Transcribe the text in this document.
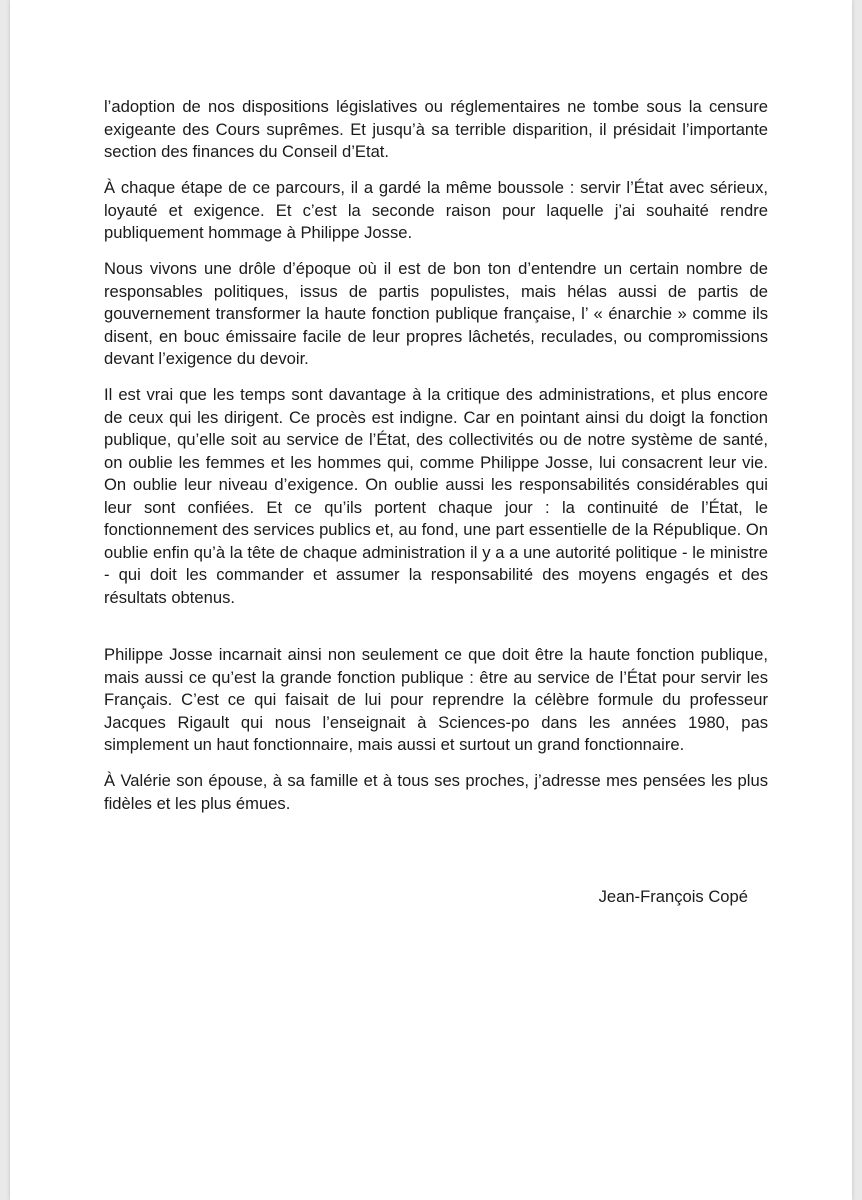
l’adoption de nos dispositions législatives ou réglementaires ne tombe sous la censure exigeante des Cours suprêmes. Et jusqu’à sa terrible disparition, il présidait l’importante section des finances du Conseil d’Etat.

À chaque étape de ce parcours, il a gardé la même boussole : servir l’État avec sérieux, loyauté et exigence. Et c’est la seconde raison pour laquelle j’ai souhaité rendre publiquement hommage à Philippe Josse.

Nous vivons une drôle d’époque où il est de bon ton d’entendre un certain nombre de responsables politiques, issus de partis populistes, mais hélas aussi de partis de gouvernement transformer la haute fonction publique française, l’ « énarchie » comme ils disent, en bouc émissaire facile de leur propres lâchetés, reculades, ou compromissions devant l’exigence du devoir.

Il est vrai que les temps sont davantage à la critique des administrations, et plus encore de ceux qui les dirigent. Ce procès est indigne. Car en pointant ainsi du doigt la fonction publique, qu’elle soit au service de l’État, des collectivités ou de notre système de santé, on oublie les femmes et les hommes qui, comme Philippe Josse, lui consacrent leur vie. On oublie leur niveau d’exigence. On oublie aussi les responsabilités considérables qui leur sont confiées. Et ce qu’ils portent chaque jour : la continuité de l’État, le fonctionnement des services publics et, au fond, une part essentielle de la République. On oublie enfin qu’à la tête de chaque administration il y a a une autorité politique - le ministre - qui doit les commander et assumer la responsabilité des moyens engagés et des résultats obtenus.

Philippe Josse incarnait ainsi non seulement ce que doit être la haute fonction publique, mais aussi ce qu’est la grande fonction publique : être au service de l’État pour servir les Français. C’est ce qui faisait de lui pour reprendre la célèbre formule du professeur Jacques Rigault qui nous l’enseignait à Sciences-po dans les années 1980, pas simplement un haut fonctionnaire, mais aussi et surtout un grand fonctionnaire.

À Valérie son épouse, à sa famille et à tous ses proches, j’adresse mes pensées les plus fidèles et les plus émues.

Jean-François Copé
